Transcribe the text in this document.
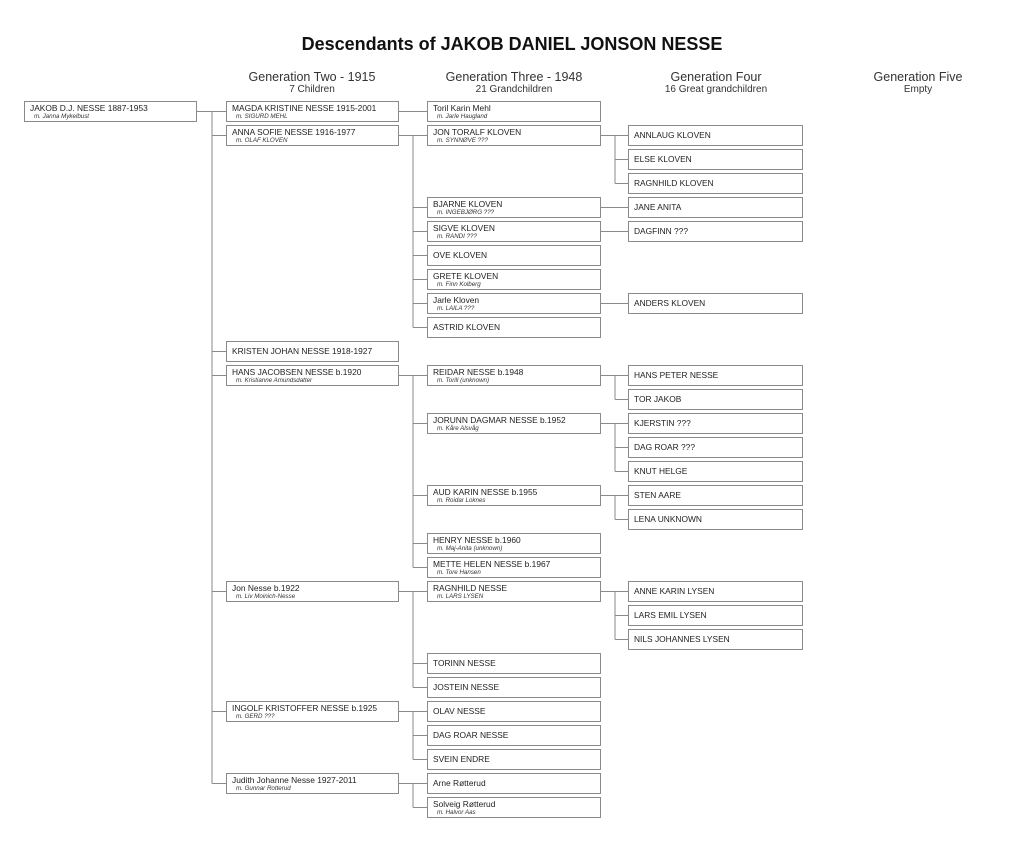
Descendants of JAKOB DANIEL JONSON NESSE
Generation Two - 1915
7 Children
Generation Three - 1948
21 Grandchildren
Generation Four
16 Great grandchildren
Generation Five
Empty
JAKOB D.J. NESSE 1887-1953
m. Janna Mykelbust
MAGDA KRISTINE NESSE 1915-2001
m. SIGURD MEHL
Toril Karin Mehl
m. Jarle Haugland
ANNA SOFIE NESSE 1916-1977
m. OLAF KLOVEN
JON TORALF KLOVEN
m. SYNNØVE ???
ANNLAUG KLOVEN
ELSE KLOVEN
RAGNHILD KLOVEN
BJARNE KLOVEN
m. INGEBJØRG ???
JANE ANITA
SIGVE KLOVEN
m. RANDI ???
DAGFINN ???
OVE KLOVEN
GRETE KLOVEN
m. Finn Kolberg
Jarle Kloven
m. LAILA ???
ANDERS KLOVEN
ASTRID KLOVEN
KRISTEN JOHAN NESSE 1918-1927
HANS JACOBSEN NESSE b.1920
m. Kristianne Amundsdatter
REIDAR NESSE b.1948
m. Torill (unknown)
HANS PETER NESSE
TOR JAKOB
JORUNN DAGMAR NESSE b.1952
m. Kåre Alsvåg
KJERSTIN ???
DAG ROAR ???
KNUT HELGE
AUD KARIN NESSE b.1955
m. Roidar Loknes
STEN AARE
LENA UNKNOWN
HENRY NESSE b.1960
m. Maj-Anita (unknown)
METTE HELEN NESSE b.1967
m. Tore Hansen
Jon Nesse b.1922
m. Liv Moinich-Nesse
RAGNHILD NESSE
m. LARS LYSEN
ANNE KARIN LYSEN
LARS EMIL LYSEN
NILS JOHANNES LYSEN
TORINN NESSE
JOSTEIN NESSE
INGOLF KRISTOFFER NESSE b.1925
m. GERD ???
OLAV NESSE
DAG ROAR NESSE
SVEIN ENDRE
Judith Johanne Nesse 1927-2011
m. Gunnar Rotterud
Arne Røtterud
Solveig Røtterud
m. Halvor Aas
